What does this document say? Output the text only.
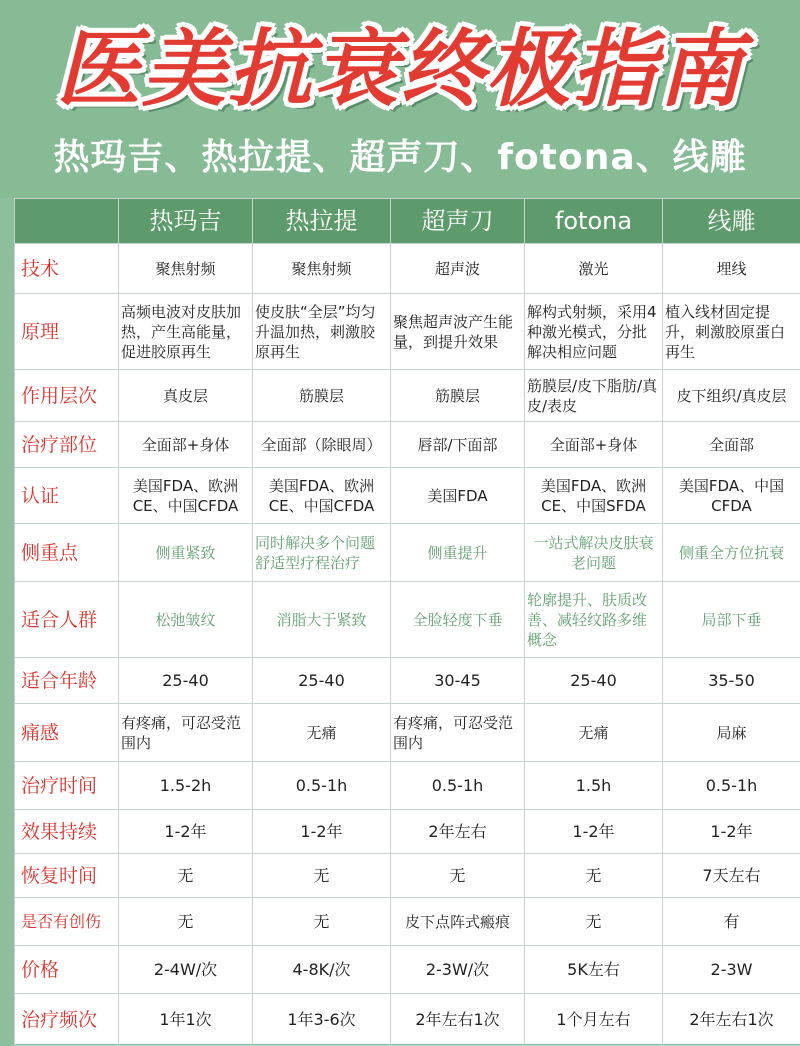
医美抗衰终极指南
热玛吉、热拉提、超声刀、fotona、线雕
	热玛吉	热拉提	超声刀	fotona	线雕
技术	聚焦射频	聚焦射频	超声波	激光	埋线
原理	高频电波对皮肤加热，产生高能量，促进胶原再生	使皮肤“全层”均匀升温加热，刺激胶原再生	聚焦超声波产生能量，到提升效果	解构式射频，采用4种激光模式，分批解决相应问题	植入线材固定提升，刺激胶原蛋白再生
作用层次	真皮层	筋膜层	筋膜层	筋膜层/皮下脂肪/真皮/表皮	皮下组织/真皮层
治疗部位	全面部+身体	全面部（除眼周）	唇部/下面部	全面部+身体	全面部
认证	美国FDA、欧洲CE、中国CFDA	美国FDA、欧洲CE、中国CFDA	美国FDA	美国FDA、欧洲CE、中国SFDA	美国FDA、中国CFDA
侧重点	侧重紧致	同时解决多个问题舒适型疗程治疗	侧重提升	一站式解决皮肤衰老问题	侧重全方位抗衰
适合人群	松弛皱纹	消脂大于紧致	全脸轻度下垂	轮廓提升、肤质改善、减轻纹路多维概念	局部下垂
适合年龄	25-40	25-40	30-45	25-40	35-50
痛感	有疼痛，可忍受范围内	无痛	有疼痛，可忍受范围内	无痛	局麻
治疗时间	1.5-2h	0.5-1h	0.5-1h	1.5h	0.5-1h
效果持续	1-2年	1-2年	2年左右	1-2年	1-2年
恢复时间	无	无	无	无	7天左右
是否有创伤	无	无	皮下点阵式瘢痕	无	有
价格	2-4W/次	4-8K/次	2-3W/次	5K左右	2-3W
治疗频次	1年1次	1年3-6次	2年左右1次	1个月左右	2年左右1次
